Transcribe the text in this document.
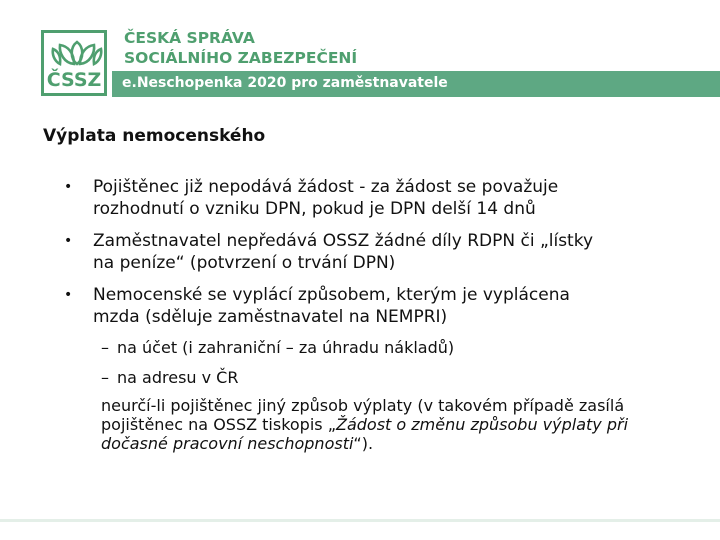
ČSSZ
ČESKÁ SPRÁVA
SOCIÁLNÍHO ZABEZPEČENÍ
e.Neschopenka 2020 pro zaměstnavatele
Výplata nemocenského
• Pojištěnec již nepodává žádost - za žádost se považuje
rozhodnutí o vzniku DPN, pokud je DPN delší 14 dnů
• Zaměstnavatel nepředává OSSZ žádné díly RDPN či „lístky
na peníze“ (potvrzení o trvání DPN)
• Nemocenské se vyplácí způsobem, kterým je vyplácena
mzda (sděluje zaměstnavatel na NEMPRI)
– na účet (i zahraniční – za úhradu nákladů)
– na adresu v ČR
neurčí-li pojištěnec jiný způsob výplaty (v takovém případě zasílá
pojištěnec na OSSZ tiskopis „Žádost o změnu způsobu výplaty při
dočasné pracovní neschopnosti“).
